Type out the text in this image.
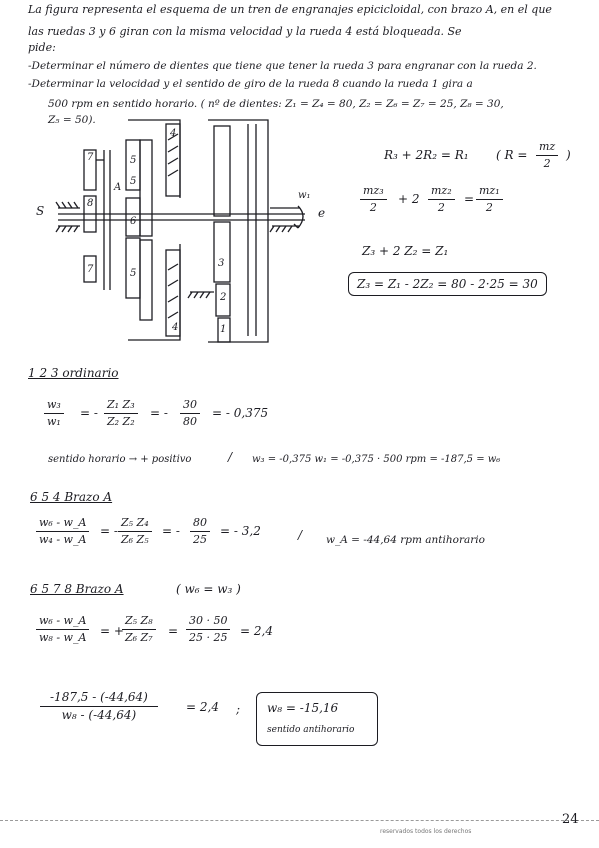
La figura representa el esquema de un tren de engranajes epicicloidal, con brazo A, en el que
las ruedas 3 y 6 giran con la misma velocidad y la rueda 4 está bloqueada. Se
pide:
-Determinar el número de dientes que tiene que tener la rueda 3 para engranar con la rueda 2.
-Determinar la velocidad y el sentido de giro de la rueda 8 cuando la rueda 1 gira a
500 rpm en sentido horario. ( nº de dientes: Z₁ = Z₄ = 80, Z₂ = Z₆ = Z₇ = 25, Z₈ = 30,
Z₅ = 50).
7	5
4
5
A
8
6
S
7	5
4
3
2
1
e
w₁
R₃ + 2R₂ = R₁ ( $R = \frac{mz}{2}$ )
$\frac{\text{mz₃}}{2} + 2 \frac{\text{mz₂}}{2} = \frac{\text{mz₁}}{2}$
Z₃ + 2 Z₂ = Z₁
Z₃ = Z₁ - 2Z₂ = 80 - 2·25 = 30
1 2 3 ordinario
$\frac{\text{w₃}}{\text{w₁}}$ = - $\frac{\text{Z₁ Z₃}}{\text{Z₂ Z₂}}$ = - $\frac{30}{80}$ = - 0,375
sentido horario → + positivo	/ w₃ = -0,375 w₁ = -0,375 · 500 rpm = -187,5 = w₆
6 5 4 Brazo A
$\frac{\text{w₆ - w\_A}}{\text{w₄ - w\_A}}$ = - $\frac{\text{Z₅ Z₄}}{\text{Z₆ Z₅}}$ = - $\frac{80}{25}$ = - 3,2	/ w_A = -44,64 rpm antihorario
6 5 7 8 Brazo A	( w₆ = w₃ )
$\frac{\text{w₆ - w\_A}}{\text{w₈ - w\_A}}$ = +
$\frac{\text{Z₅ Z₈}}{\text{Z₆ Z₇}} = \frac{30 \cdot 50}{25 \cdot 25} = 2,4$
$\frac{-187,5 - (-44,64)}{\text{w₈ - (-44,64)}} = 2,4$ ; w₈ = -15,16
sentido antihorario
24
reservados todos los derechos
